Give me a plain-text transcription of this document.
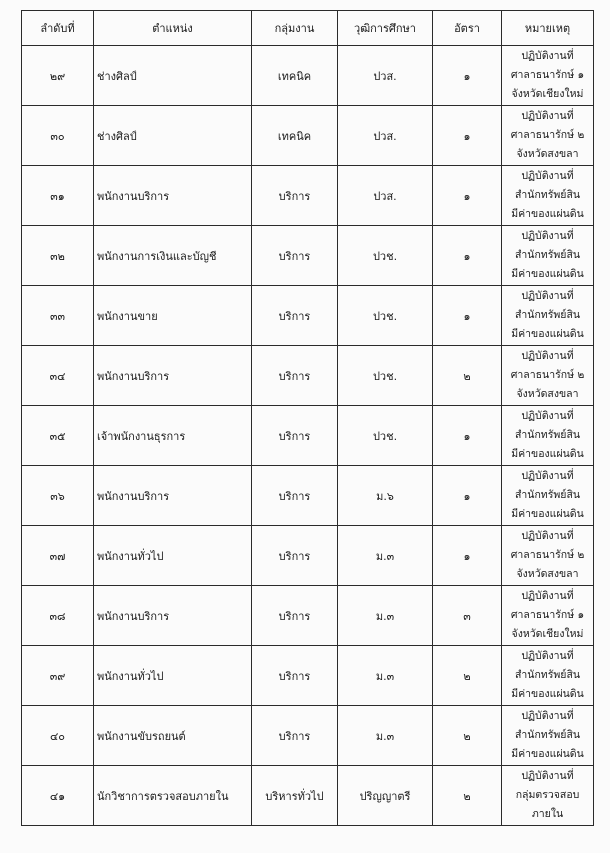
ลำดับที่	ตำแหน่ง	กลุ่มงาน	วุฒิการศึกษา	อัตรา	หมายเหตุ
๒๙	ช่างศิลป์	เทคนิค	ปวส.	๑	ปฏิบัติงานที่
ศาลาธนารักษ์ ๑
จังหวัดเชียงใหม่

๓๐	ช่างศิลป์	เทคนิค	ปวส.	๑	ปฏิบัติงานที่
ศาลาธนารักษ์ ๒
จังหวัดสงขลา

๓๑	พนักงานบริการ	บริการ	ปวส.	๑	ปฏิบัติงานที่
สำนักทรัพย์สิน
มีค่าของแผ่นดิน

๓๒	พนักงานการเงินและบัญชี	บริการ	ปวช.	๑	ปฏิบัติงานที่
สำนักทรัพย์สิน
มีค่าของแผ่นดิน

๓๓	พนักงานขาย	บริการ	ปวช.	๑	ปฏิบัติงานที่
สำนักทรัพย์สิน
มีค่าของแผ่นดิน

๓๔	พนักงานบริการ	บริการ	ปวช.	๒	ปฏิบัติงานที่
ศาลาธนารักษ์ ๒
จังหวัดสงขลา

๓๕	เจ้าพนักงานธุรการ	บริการ	ปวช.	๑	ปฏิบัติงานที่
สำนักทรัพย์สิน
มีค่าของแผ่นดิน

๓๖	พนักงานบริการ	บริการ	ม.๖	๑	ปฏิบัติงานที่
สำนักทรัพย์สิน
มีค่าของแผ่นดิน

๓๗	พนักงานทั่วไป	บริการ	ม.๓	๑	ปฏิบัติงานที่
ศาลาธนารักษ์ ๒
จังหวัดสงขลา

๓๘	พนักงานบริการ	บริการ	ม.๓	๓	ปฏิบัติงานที่
ศาลาธนารักษ์ ๑
จังหวัดเชียงใหม่

๓๙	พนักงานทั่วไป	บริการ	ม.๓	๒	ปฏิบัติงานที่
สำนักทรัพย์สิน
มีค่าของแผ่นดิน

๔๐	พนักงานขับรถยนต์	บริการ	ม.๓	๒	ปฏิบัติงานที่
สำนักทรัพย์สิน
มีค่าของแผ่นดิน

๔๑	นักวิชาการตรวจสอบภายใน	บริหารทั่วไป	ปริญญาตรี	๒	ปฏิบัติงานที่
กลุ่มตรวจสอบ
ภายใน
